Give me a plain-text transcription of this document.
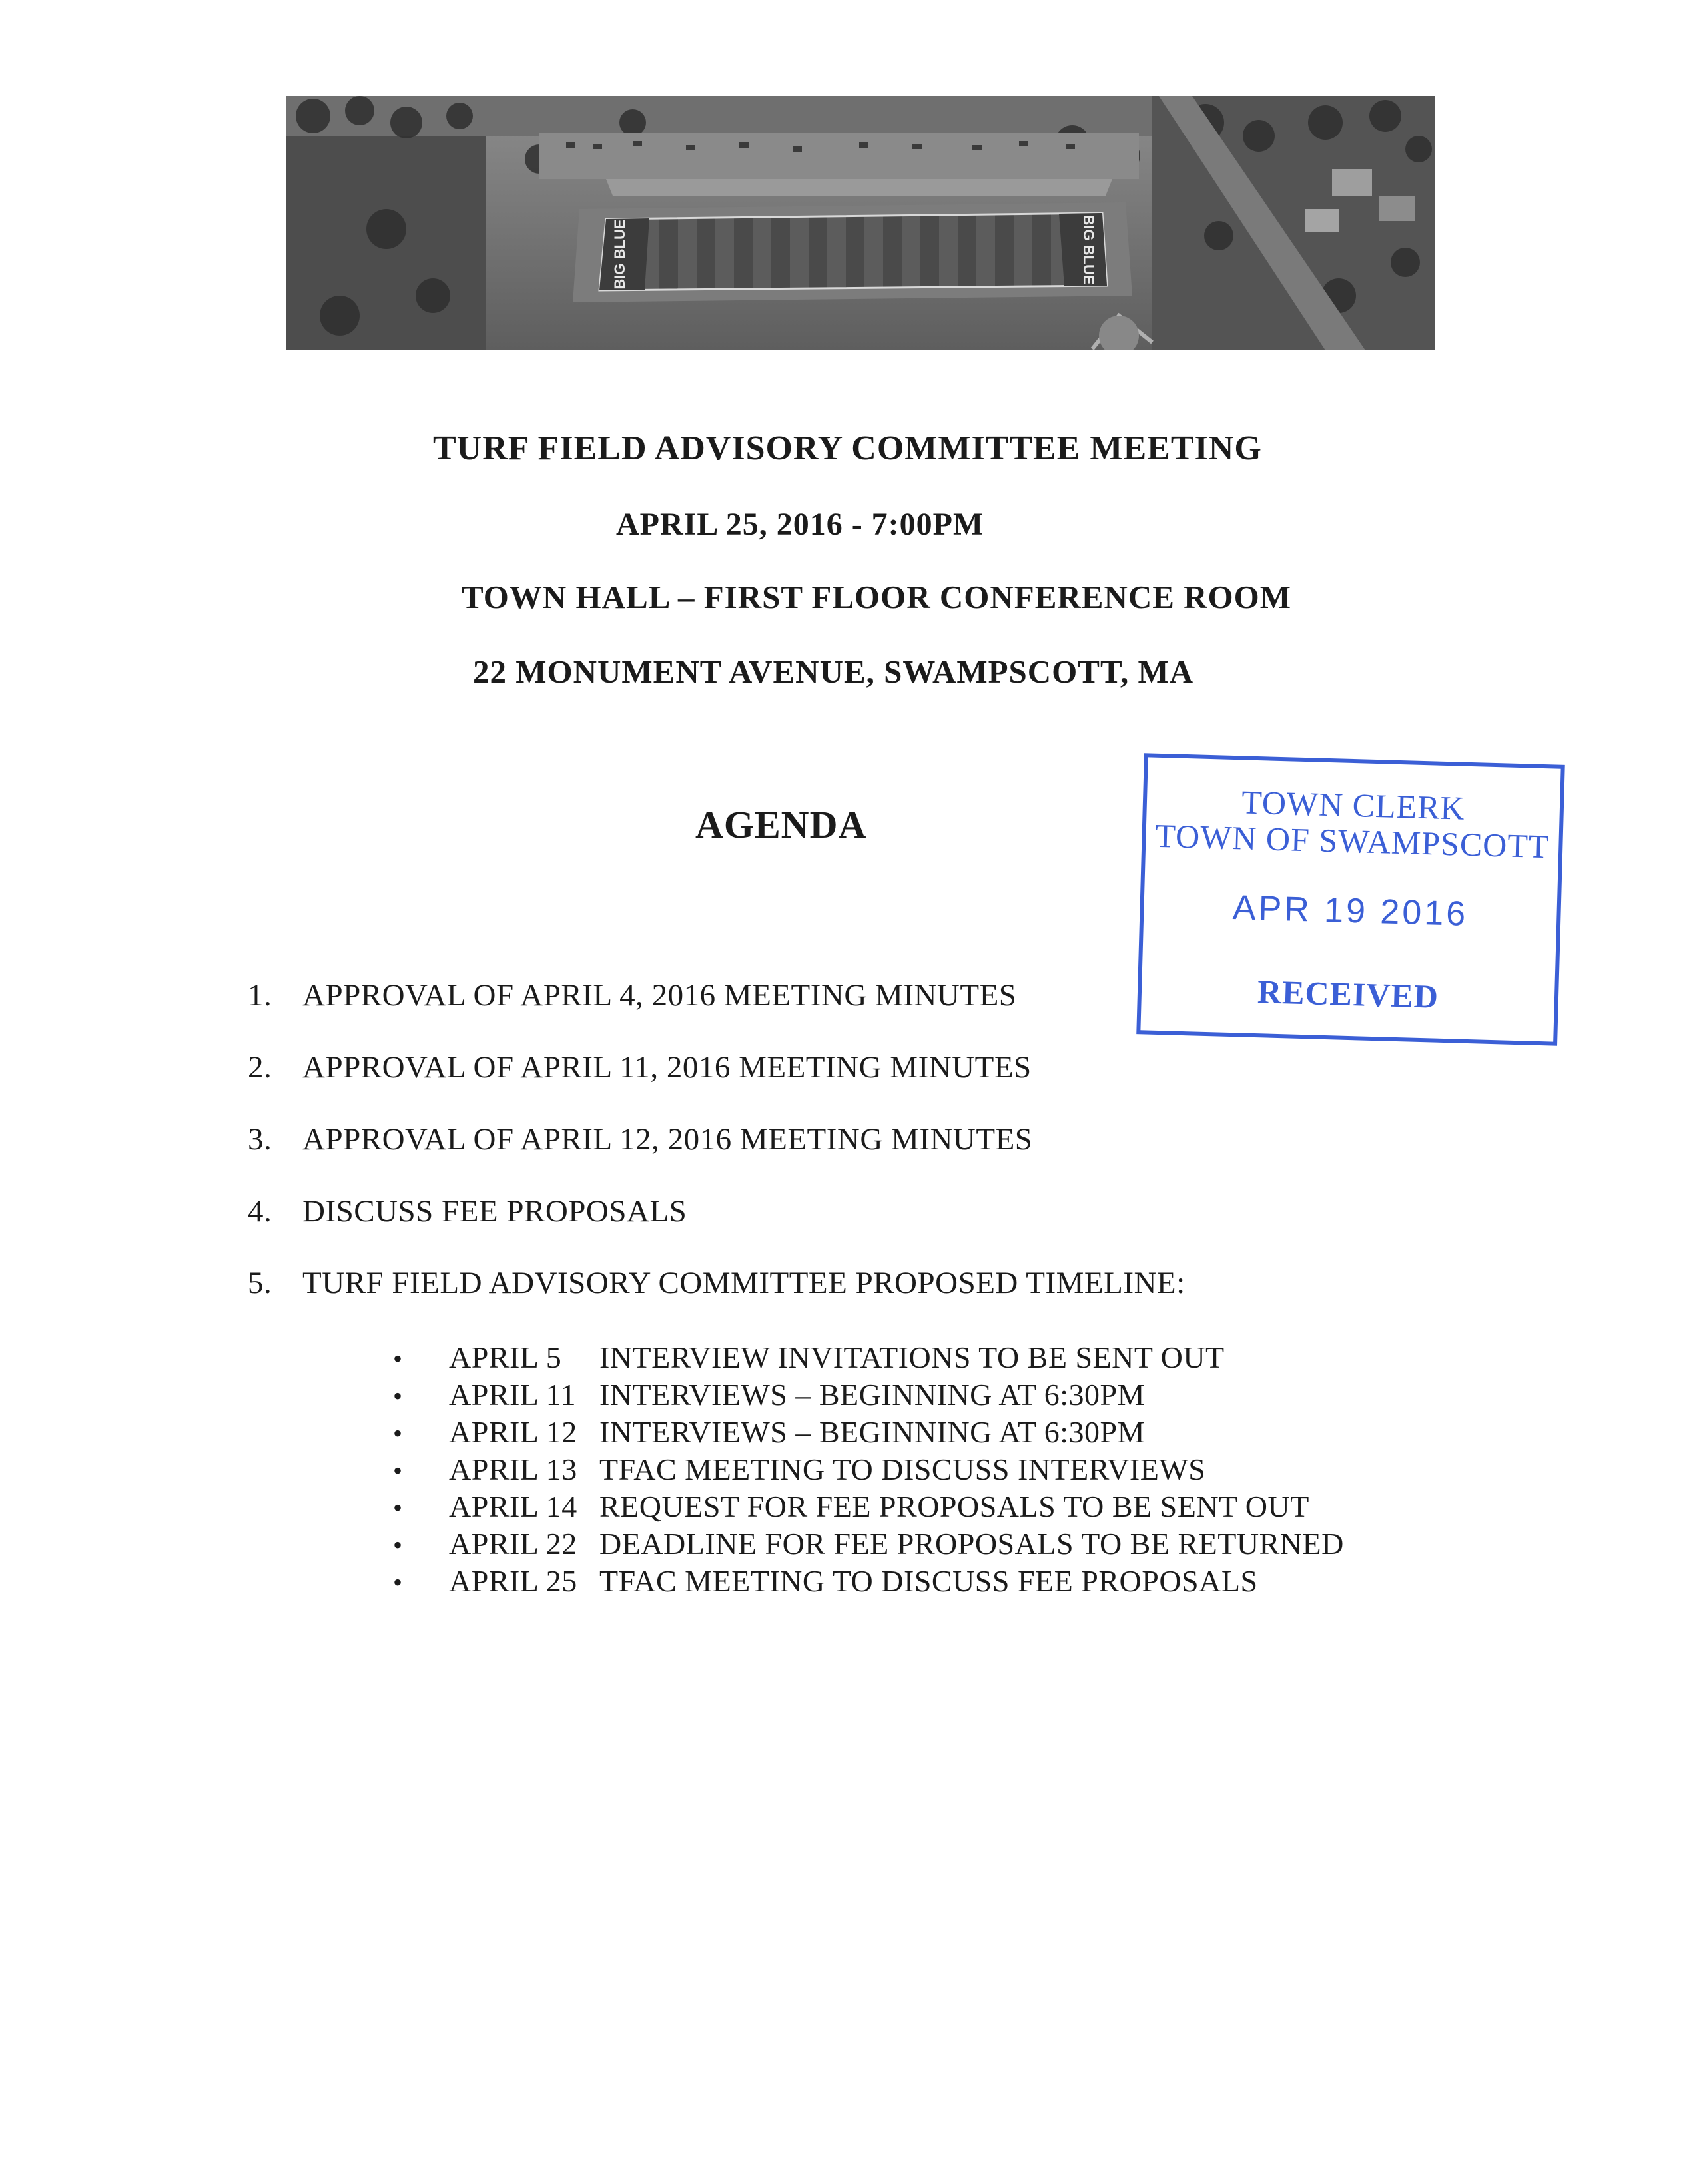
BIG BLUE	BIG BLUE
TURF FIELD ADVISORY COMMITTEE MEETING
APRIL 25, 2016 - 7:00PM
TOWN HALL – FIRST FLOOR CONFERENCE ROOM
22 MONUMENT AVENUE, SWAMPSCOTT, MA
AGENDA	TOWN CLERK
TOWN OF SWAMPSCOTT
APR 19 2016
RECEIVED
1. APPROVAL OF APRIL 4, 2016 MEETING MINUTES
2. APPROVAL OF APRIL 11, 2016 MEETING MINUTES
3. APPROVAL OF APRIL 12, 2016 MEETING MINUTES
4. DISCUSS FEE PROPOSALS
5. TURF FIELD ADVISORY COMMITTEE PROPOSED TIMELINE:
• APRIL 5 INTERVIEW INVITATIONS TO BE SENT OUT
• APRIL 11 INTERVIEWS – BEGINNING AT 6:30PM
• APRIL 12 INTERVIEWS – BEGINNING AT 6:30PM
• APRIL 13 TFAC MEETING TO DISCUSS INTERVIEWS
• APRIL 14 REQUEST FOR FEE PROPOSALS TO BE SENT OUT
• APRIL 22 DEADLINE FOR FEE PROPOSALS TO BE RETURNED
• APRIL 25 TFAC MEETING TO DISCUSS FEE PROPOSALS
